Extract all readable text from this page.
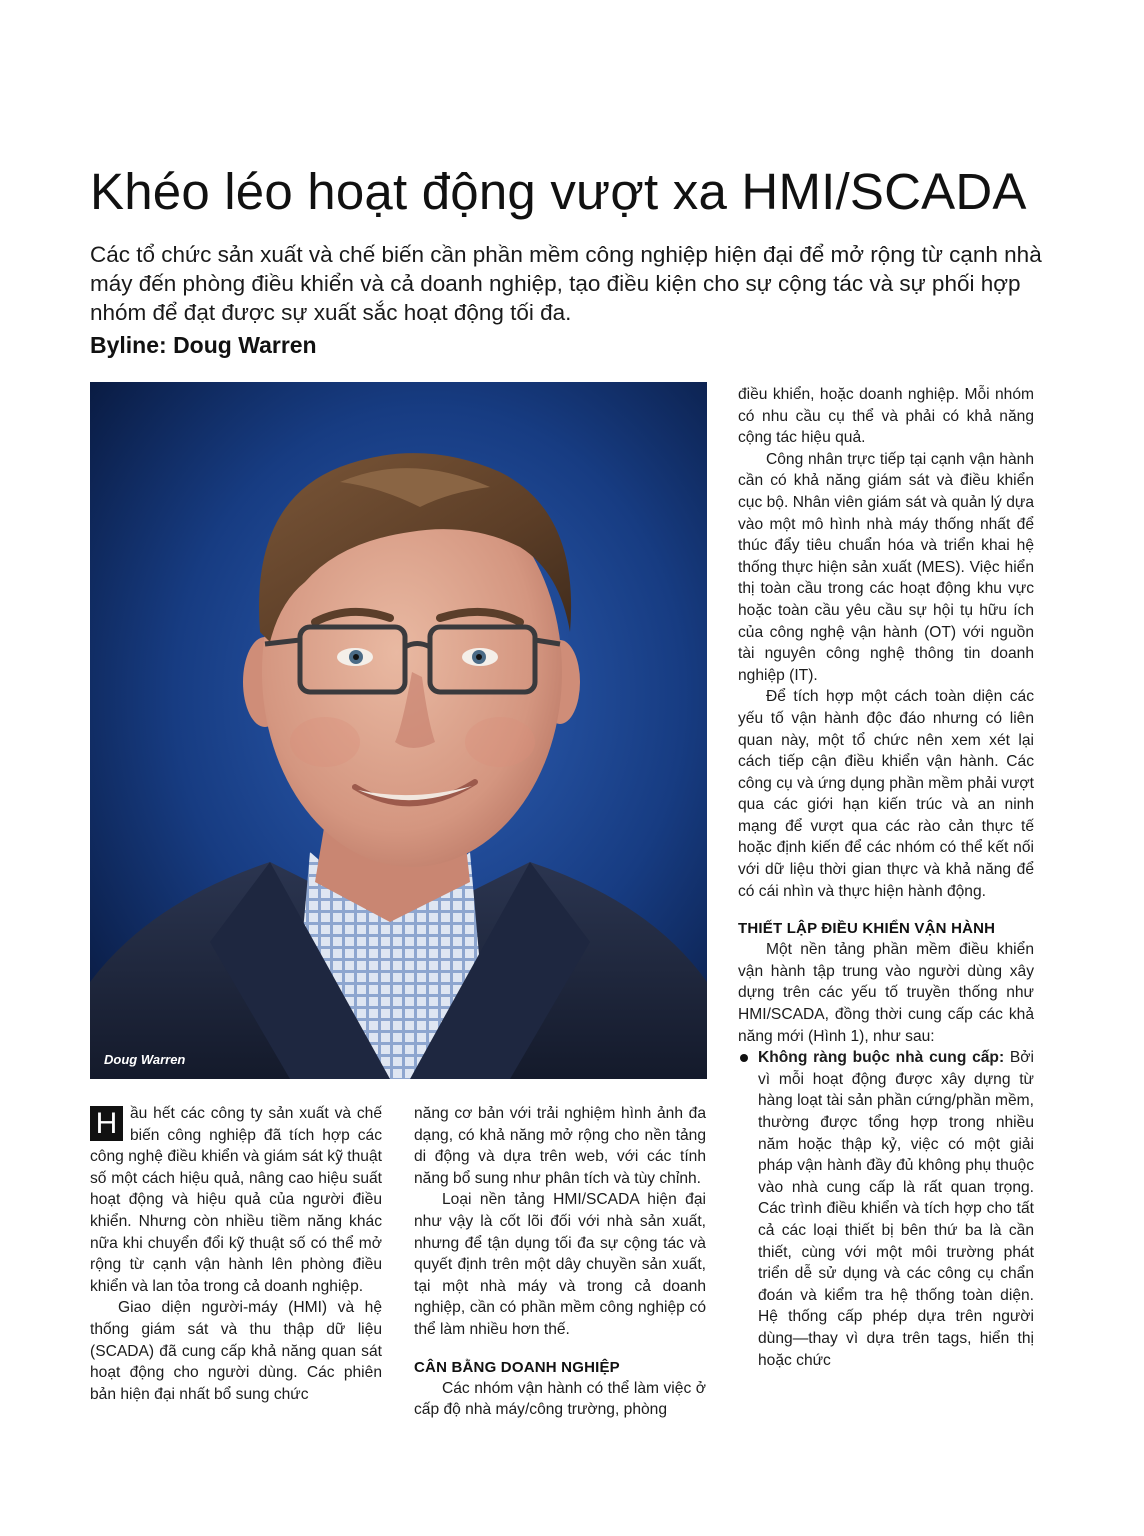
Khéo léo hoạt động vượt xa HMI/SCADA

Các tổ chức sản xuất và chế biến cần phần mềm công nghiệp hiện đại để mở rộng từ cạnh nhà máy đến phòng điều khiển và cả doanh nghiệp, tạo điều kiện cho sự cộng tác và sự phối hợp nhóm để đạt được sự xuất sắc hoạt động tối đa.

Byline: Doug Warren
Doug Warren

H ầu hết các công ty sản xuất và chế biến công nghiệp đã tích hợp các công nghệ điều khiển và giám sát kỹ thuật số một cách hiệu quả, nâng cao hiệu suất hoạt động và hiệu quả của người điều khiển. Nhưng còn nhiều tiềm năng khác nữa khi chuyển đổi kỹ thuật số có thể mở rộng từ cạnh vận hành lên phòng điều khiển và lan tỏa trong cả doanh nghiệp.

Giao diện người-máy (HMI) và hệ thống giám sát và thu thập dữ liệu (SCADA) đã cung cấp khả năng quan sát hoạt động cho người dùng. Các phiên bản hiện đại nhất bổ sung chức

năng cơ bản với trải nghiệm hình ảnh đa dạng, có khả năng mở rộng cho nền tảng di động và dựa trên web, với các tính năng bổ sung như phân tích và tùy chỉnh.

Loại nền tảng HMI/SCADA hiện đại như vậy là cốt lõi đối với nhà sản xuất, nhưng để tận dụng tối đa sự cộng tác và quyết định trên một dây chuyền sản xuất, tại một nhà máy và trong cả doanh nghiệp, cần có phần mềm công nghiệp có thể làm nhiều hơn thế.

CÂN BẰNG DOANH NGHIỆP

Các nhóm vận hành có thể làm việc ở cấp độ nhà máy/công trường, phòng

điều khiển, hoặc doanh nghiệp. Mỗi nhóm có nhu cầu cụ thể và phải có khả năng cộng tác hiệu quả.

Công nhân trực tiếp tại cạnh vận hành cần có khả năng giám sát và điều khiển cục bộ. Nhân viên giám sát và quản lý dựa vào một mô hình nhà máy thống nhất để thúc đẩy tiêu chuẩn hóa và triển khai hệ thống thực hiện sản xuất (MES). Việc hiển thị toàn cầu trong các hoạt động khu vực hoặc toàn cầu yêu cầu sự hội tụ hữu ích của công nghệ vận hành (OT) với nguồn tài nguyên công nghệ thông tin doanh nghiệp (IT).

Để tích hợp một cách toàn diện các yếu tố vận hành độc đáo nhưng có liên quan này, một tổ chức nên xem xét lại cách tiếp cận điều khiển vận hành. Các công cụ và ứng dụng phần mềm phải vượt qua các giới hạn kiến trúc và an ninh mạng để vượt qua các rào cản thực tế hoặc định kiến để các nhóm có thể kết nối với dữ liệu thời gian thực và khả năng để có cái nhìn và thực hiện hành động.

THIẾT LẬP ĐIỀU KHIỂN VẬN HÀNH

Một nền tảng phần mềm điều khiển vận hành tập trung vào người dùng xây dựng trên các yếu tố truyền thống như HMI/SCADA, đồng thời cung cấp các khả năng mới (Hình 1), như sau:

Không ràng buộc nhà cung cấp: Bởi vì mỗi hoạt động được xây dựng từ hàng loạt tài sản phần cứng/phần mềm, thường được tổng hợp trong nhiều năm hoặc thập kỷ, việc có một giải pháp vận hành đầy đủ không phụ thuộc vào nhà cung cấp là rất quan trọng. Các trình điều khiển và tích hợp cho tất cả các loại thiết bị bên thứ ba là cần thiết, cùng với một môi trường phát triển dễ sử dụng và các công cụ chẩn đoán và kiểm tra hệ thống toàn diện. Hệ thống cấp phép dựa trên người dùng—thay vì dựa trên tags, hiển thị hoặc chức
